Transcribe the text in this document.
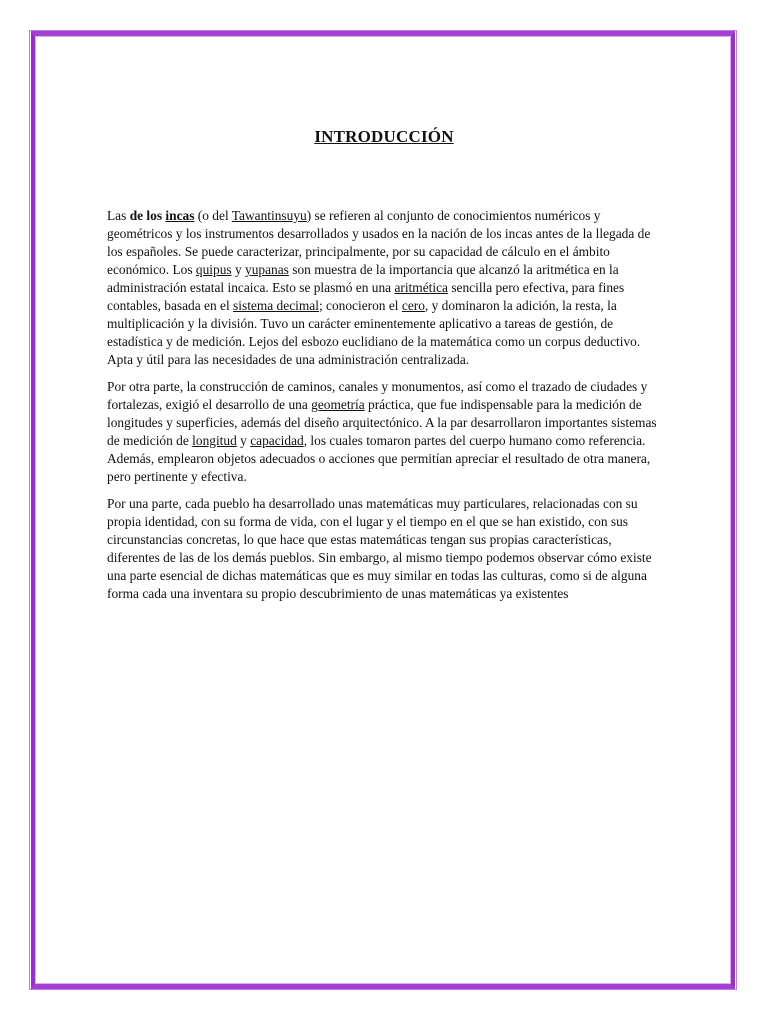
INTRODUCCIÓN

Las de los incas (o del Tawantinsuyu) se refieren al conjunto de conocimientos numéricos y geométricos y los instrumentos desarrollados y usados en la nación de los incas antes de la llegada de los españoles. Se puede caracterizar, principalmente, por su capacidad de cálculo en el ámbito económico. Los quipus y yupanas son muestra de la importancia que alcanzó la aritmética en la administración estatal incaica. Esto se plasmó en una aritmética sencilla pero efectiva, para fines contables, basada en el sistema decimal; conocieron el cero, y dominaron la adición, la resta, la multiplicación y la división. Tuvo un carácter eminentemente aplicativo a tareas de gestión, de estadística y de medición. Lejos del esbozo euclidiano de la matemática como un corpus deductivo. Apta y útil para las necesidades de una administración centralizada.

Por otra parte, la construcción de caminos, canales y monumentos, así como el trazado de ciudades y fortalezas, exigió el desarrollo de una geometría práctica, que fue indispensable para la medición de longitudes y superficies, además del diseño arquitectónico. A la par desarrollaron importantes sistemas de medición de longitud y capacidad, los cuales tomaron partes del cuerpo humano como referencia. Además, emplearon objetos adecuados o acciones que permitían apreciar el resultado de otra manera, pero pertinente y efectiva.

Por una parte, cada pueblo ha desarrollado unas matemáticas muy particulares, relacionadas con su propia identidad, con su forma de vida, con el lugar y el tiempo en el que se han existido, con sus circunstancias concretas, lo que hace que estas matemáticas tengan sus propias características, diferentes de las de los demás pueblos. Sin embargo, al mismo tiempo podemos observar cómo existe una parte esencial de dichas matemáticas que es muy similar en todas las culturas, como si de alguna forma cada una inventara su propio descubrimiento de unas matemáticas ya existentes
